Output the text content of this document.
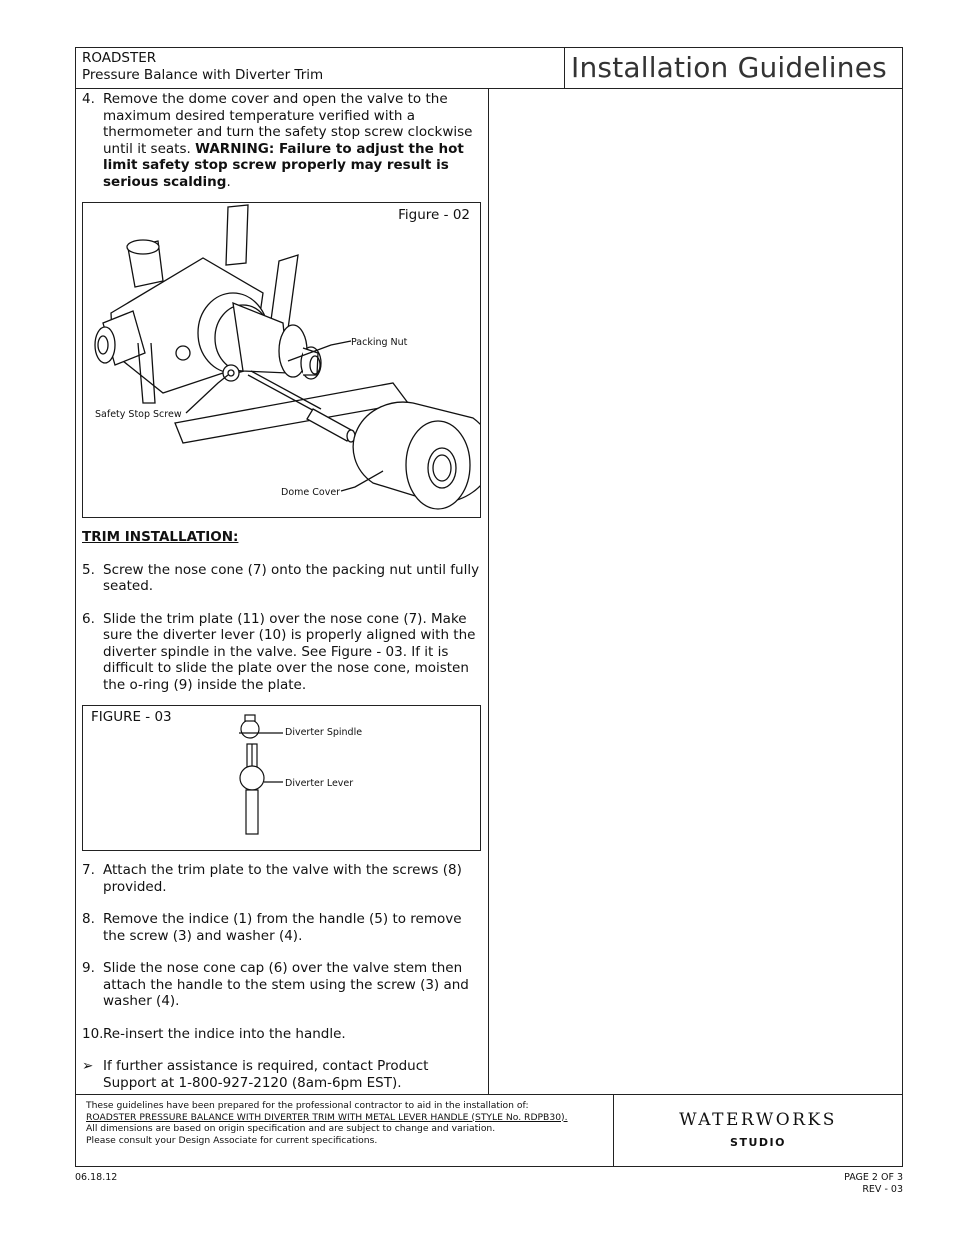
ROADSTER
Pressure Balance with Diverter Trim	Installation Guidelines
4. Remove the dome cover and open the valve to the maximum desired temperature verified with a thermometer and turn the safety stop screw clockwise until it seats. WARNING: Failure to adjust the hot limit safety stop screw properly may result is serious scalding.
Figure - 02
Packing Nut
Safety Stop Screw
Dome Cover
TRIM INSTALLATION:
5. Screw the nose cone (7) onto the packing nut until fully seated.
6. Slide the trim plate (11) over the nose cone (7). Make sure the diverter lever (10) is properly aligned with the diverter spindle in the valve. See Figure - 03. If it is difficult to slide the plate over the nose cone, moisten the o-ring (9) inside the plate.
FIGURE - 03
Diverter Spindle
Diverter Lever
7. Attach the trim plate to the valve with the screws (8) provided.
8. Remove the indice (1) from the handle (5) to remove the screw (3) and washer (4).
9. Slide the nose cone cap (6) over the valve stem then attach the handle to the stem using the screw (3) and washer (4).
10. Re-insert the indice into the handle.
➢ If further assistance is required, contact Product Support at 1-800-927-2120 (8am-6pm EST).
These guidelines have been prepared for the professional contractor to aid in the installation of:
ROADSTER PRESSURE BALANCE WITH DIVERTER TRIM WITH METAL LEVER HANDLE (STYLE No. RDPB30).
All dimensions are based on origin specification and are subject to change and variation.
Please consult your Design Associate for current specifications.
WATERWORKS
STUDIO
06.18.12	PAGE 2 OF 3
REV - 03
